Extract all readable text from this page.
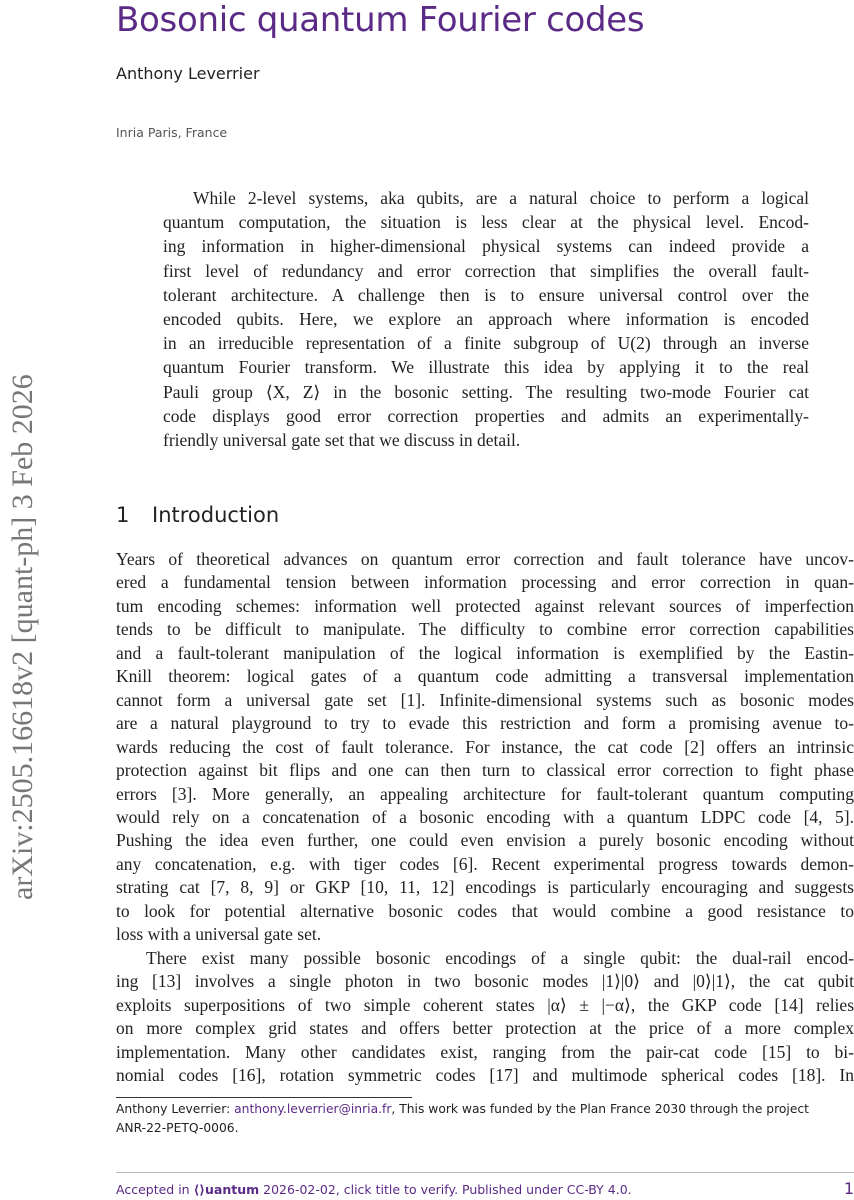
Bosonic quantum Fourier codes
Anthony Leverrier
Inria Paris, France
arXiv:2505.16618v2 [quant-ph] 3 Feb 2026
While 2-level systems, aka qubits, are a natural choice to perform a logical
quantum computation, the situation is less clear at the physical level. Encod-
ing information in higher-dimensional physical systems can indeed provide a
first level of redundancy and error correction that simplifies the overall fault-
tolerant architecture. A challenge then is to ensure universal control over the
encoded qubits. Here, we explore an approach where information is encoded
in an irreducible representation of a finite subgroup of U(2) through an inverse
quantum Fourier transform. We illustrate this idea by applying it to the real
Pauli group ⟨X, Z⟩ in the bosonic setting. The resulting two-mode Fourier cat
code displays good error correction properties and admits an experimentally-
friendly universal gate set that we discuss in detail.
1 Introduction
Years of theoretical advances on quantum error correction and fault tolerance have uncov-
ered a fundamental tension between information processing and error correction in quan-
tum encoding schemes: information well protected against relevant sources of imperfection
tends to be difficult to manipulate. The difficulty to combine error correction capabilities
and a fault-tolerant manipulation of the logical information is exemplified by the Eastin-
Knill theorem: logical gates of a quantum code admitting a transversal implementation
cannot form a universal gate set [1]. Infinite-dimensional systems such as bosonic modes
are a natural playground to try to evade this restriction and form a promising avenue to-
wards reducing the cost of fault tolerance. For instance, the cat code [2] offers an intrinsic
protection against bit flips and one can then turn to classical error correction to fight phase
errors [3]. More generally, an appealing architecture for fault-tolerant quantum computing
would rely on a concatenation of a bosonic encoding with a quantum LDPC code [4, 5].
Pushing the idea even further, one could even envision a purely bosonic encoding without
any concatenation, e.g. with tiger codes [6]. Recent experimental progress towards demon-
strating cat [7, 8, 9] or GKP [10, 11, 12] encodings is particularly encouraging and suggests
to look for potential alternative bosonic codes that would combine a good resistance to
loss with a universal gate set.
There exist many possible bosonic encodings of a single qubit: the dual-rail encod-
ing [13] involves a single photon in two bosonic modes |1⟩|0⟩ and |0⟩|1⟩, the cat qubit
exploits superpositions of two simple coherent states |α⟩ ± |−α⟩, the GKP code [14] relies
on more complex grid states and offers better protection at the price of a more complex
implementation. Many other candidates exist, ranging from the pair-cat code [15] to bi-
nomial codes [16], rotation symmetric codes [17] and multimode spherical codes [18]. In
Anthony Leverrier: anthony.leverrier@inria.fr, This work was funded by the Plan France 2030 through the project
ANR-22-PETQ-0006.
Accepted in ⟨⟩uantum 2026-02-02, click title to verify. Published under CC-BY 4.0.	1
